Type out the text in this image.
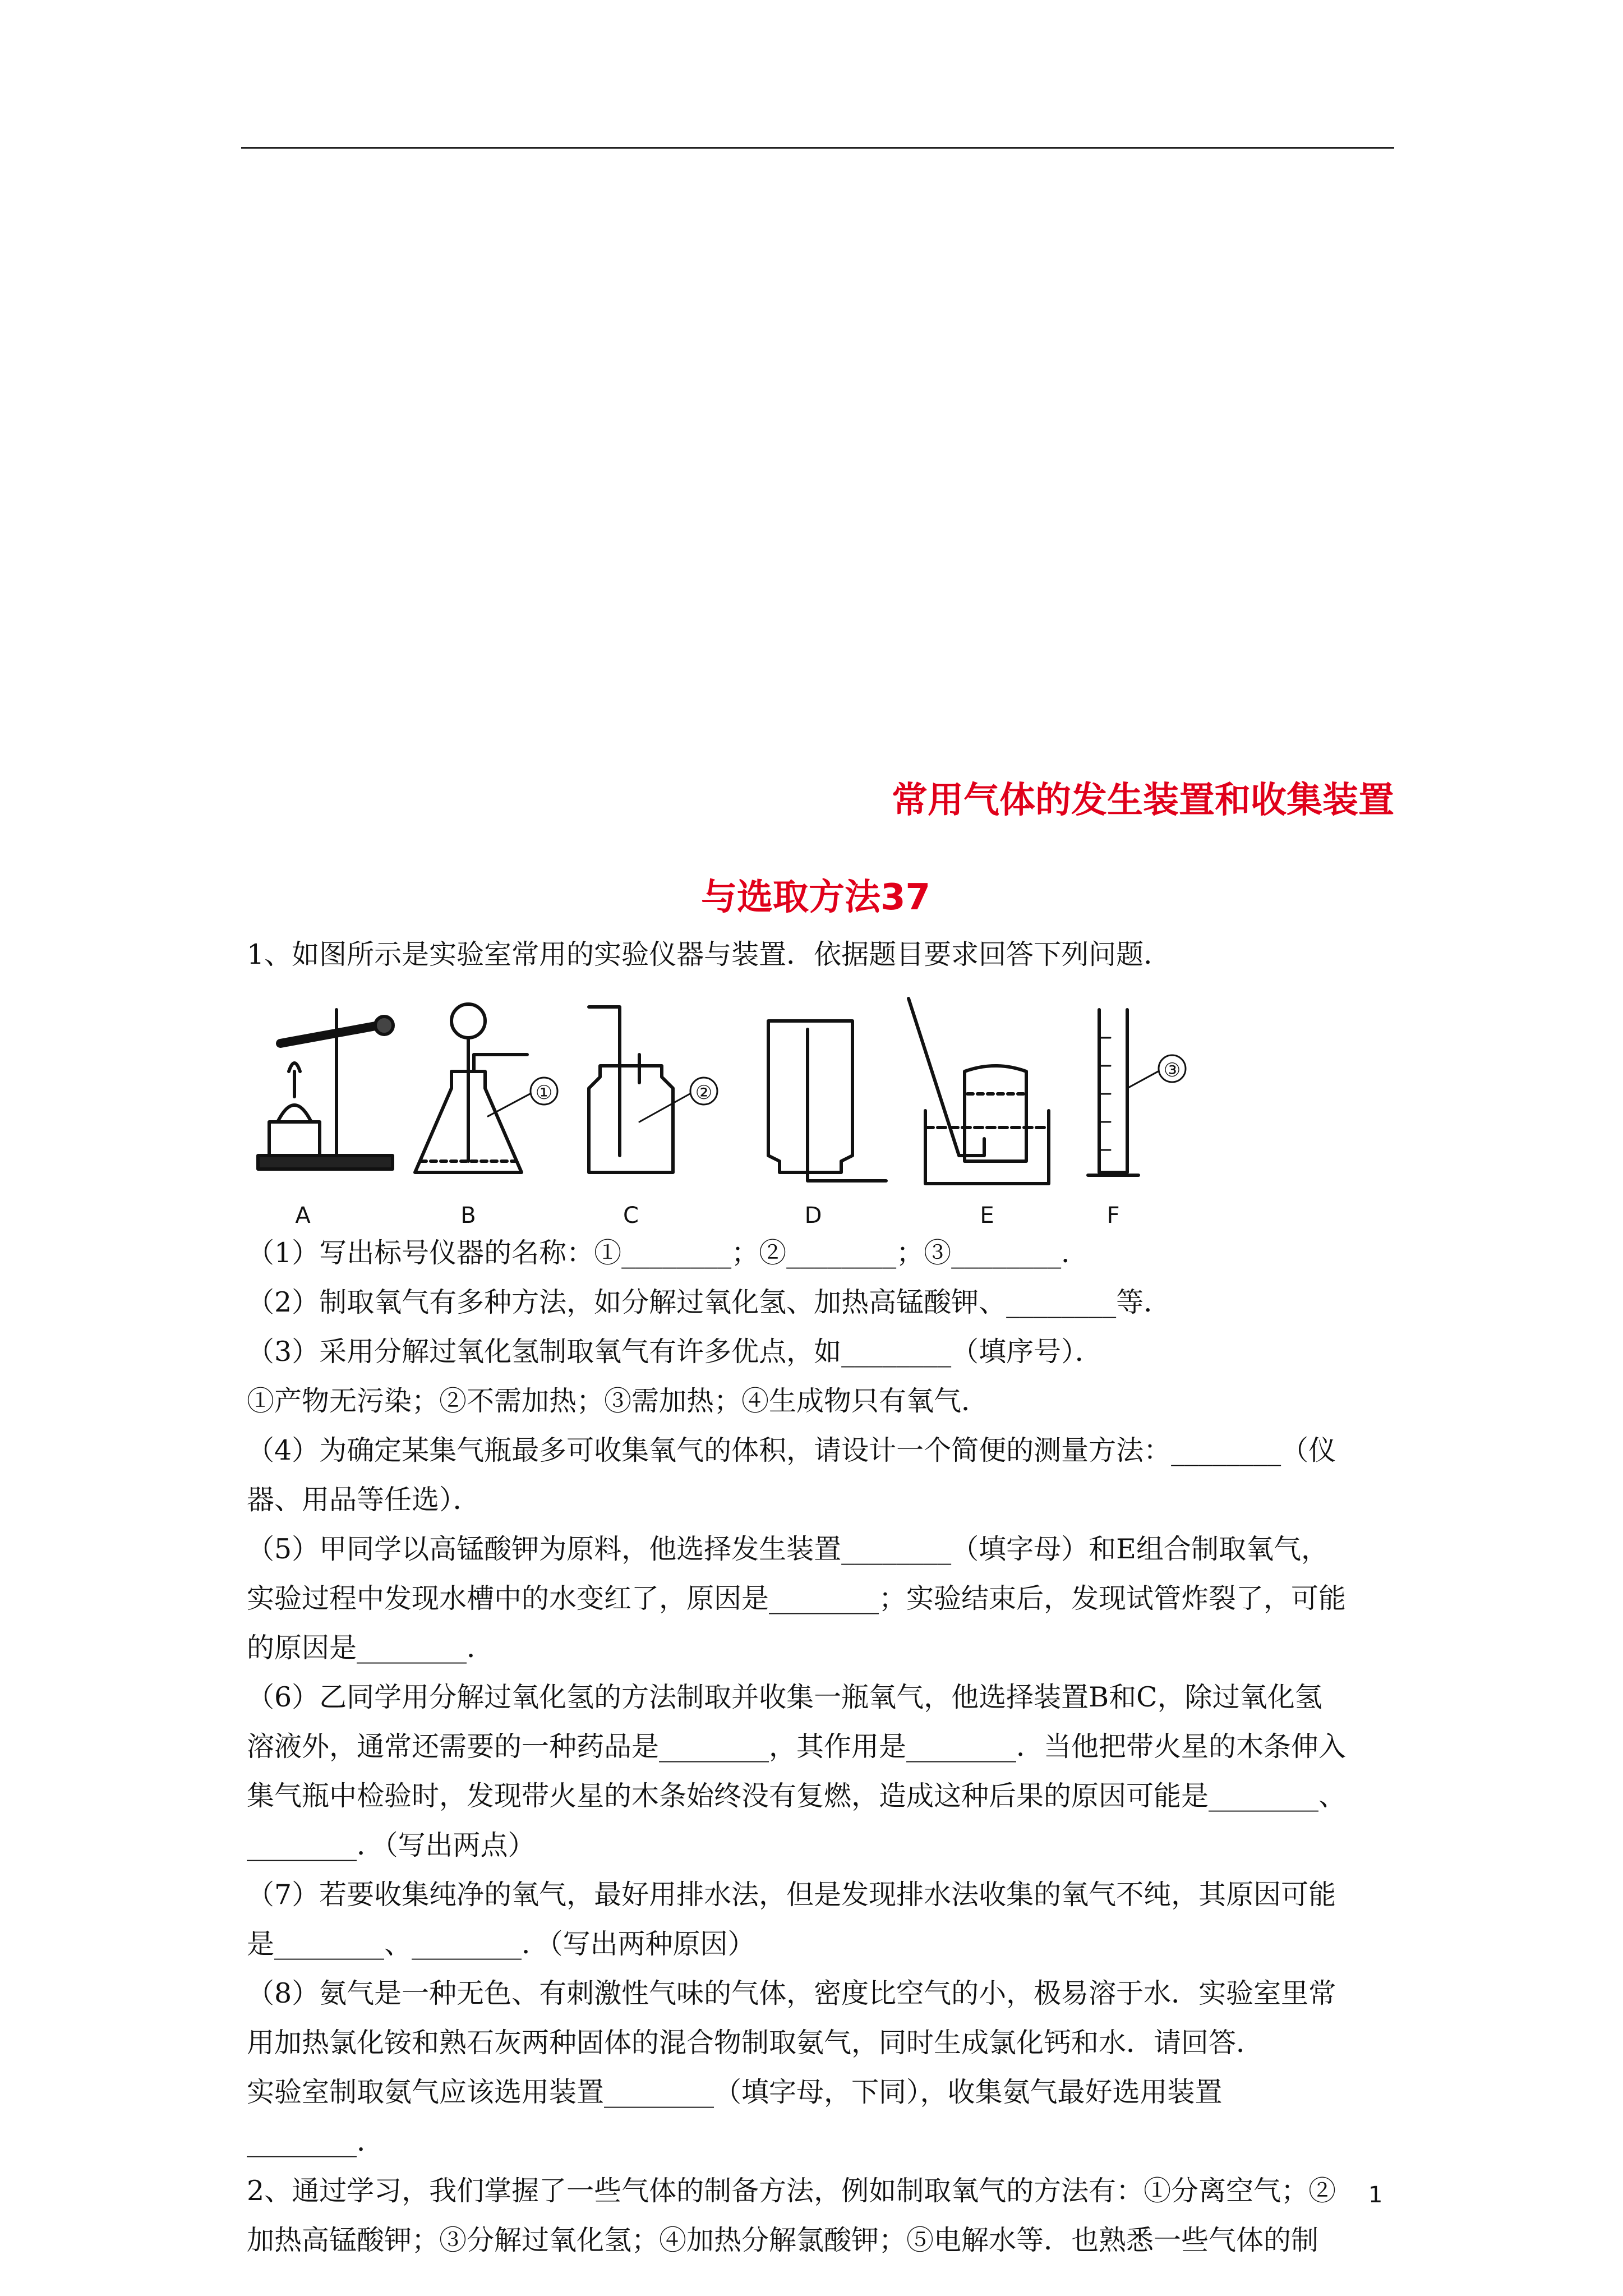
常用气体的发生装置和收集装置
与选取方法37
1、如图所示是实验室常用的实验仪器与装置．依据题目要求回答下列问题．
①	②
③
A	B	C	D	E	F
（1）写出标号仪器的名称：①________；②________；③________．
（2）制取氧气有多种方法，如分解过氧化氢、加热高锰酸钾、________等．
（3）采用分解过氧化氢制取氧气有许多优点，如________（填序号）．
①产物无污染；②不需加热；③需加热；④生成物只有氧气．
（4）为确定某集气瓶最多可收集氧气的体积，请设计一个简便的测量方法：________（仪
器、用品等任选）．
（5）甲同学以高锰酸钾为原料，他选择发生装置________（填字母）和E组合制取氧气，
实验过程中发现水槽中的水变红了，原因是________；实验结束后，发现试管炸裂了，可能
的原因是________．
（6）乙同学用分解过氧化氢的方法制取并收集一瓶氧气，他选择装置B和C，除过氧化氢
溶液外，通常还需要的一种药品是________，其作用是________．当他把带火星的木条伸入
集气瓶中检验时，发现带火星的木条始终没有复燃，造成这种后果的原因可能是________、
________．（写出两点）
（7）若要收集纯净的氧气，最好用排水法，但是发现排水法收集的氧气不纯，其原因可能
是________、________．（写出两种原因）
（8）氨气是一种无色、有刺激性气味的气体，密度比空气的小，极易溶于水．实验室里常
用加热氯化铵和熟石灰两种固体的混合物制取氨气，同时生成氯化钙和水．请回答．
实验室制取氨气应该选用装置________（填字母，下同），收集氨气最好选用装置
________．
2、通过学习，我们掌握了一些气体的制备方法，例如制取氧气的方法有：①分离空气；②
加热高锰酸钾；③分解过氧化氢；④加热分解氯酸钾；⑤电解水等．也熟悉一些气体的制
1
